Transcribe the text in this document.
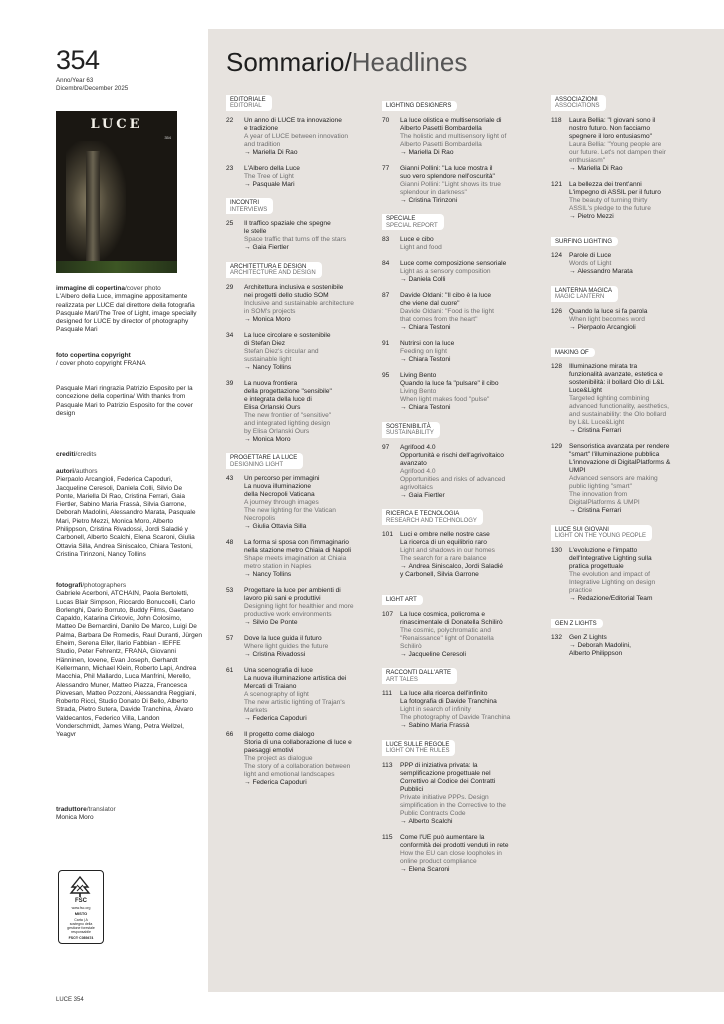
354
Anno/Year 63
Dicembre/December 2025
LUCE
354
immagine di copertina/cover photo
L'Albero della Luce, immagine appositamente realizzata per LUCE dal direttore della fotografia Pasquale Mari/The Tree of Light, image specially designed for LUCE by director of photography Pasquale Mari
foto copertina copyright
/ cover photo copyright FRANA
Pasquale Mari ringrazia Patrizio Esposito per la concezione della copertina/ With thanks from Pasquale Mari to Patrizio Esposito for the cover design
crediti/credits
autori/authors
Pierpaolo Arcangioli, Federica Capoduri, Jacqueline Ceresoli, Daniela Colli, Silvio De Ponte, Mariella Di Rao, Cristina Ferrari, Gaia Fiertler, Sabino Maria Frassà, Silvia Garrone, Deborah Madolini, Alessandro Marata, Pasquale Mari, Pietro Mezzi, Monica Moro, Alberto Philippson, Cristina Rivadossi, Jordi Saladié y Carbonell, Alberto Scalchi, Elena Scaroni, Giulia Ottavia Silla, Andrea Siniscalco, Chiara Testoni, Cristina Tirinzoni, Nancy Tollins
fotografi/photographers
Gabriele Acerboni, ATCHAIN, Paola Bertoletti, Lucas Blair Simpson, Riccardo Bonuccelli, Carlo Borlenghi, Dario Borruto, Buddy Films, Gaetano Capaldo, Katarina Cirkovic, John Colosimo, Matteo De Bernardini, Danilo De Marco, Luigi De Palma, Barbara De Romedis, Raul Duranti, Jürgen Eheim, Serena Eller, Ilario Fabbian - IEFFE Studio, Peter Fehrentz, FRANA, Giovanni Hänninen, Iovene, Evan Joseph, Gerhardt Kellermann, Michael Klein, Roberto Lapi, Andrea Macchia, Phil Mallardo, Luca Manfrini, Merello, Alessandro Muner, Matteo Piazza, Francesca Piovesan, Matteo Pozzoni, Alessandra Reggiani, Roberto Ricci, Studio Donato Di Bello, Alberto Strada, Pietro Sutera, Davide Tranchina, Álvaro Valdecantos, Federico Villa, Landon Vonderschmidt, James Wang, Petra Wellzel, Yeagvr
traduttore/translator
Monica Moro
FSC
www.fsc.org
MISTO
Carta | A
sostegno della
gestione forestale
responsabile
FSC® C089474
LUCE 354
Sommario/Headlines
EDITORIALE
EDITORIAL
22	Un anno di LUCE tra innovazione
e tradizione
A year of LUCE between innovation
and tradition
→ Mariella Di Rao
23	L'Albero della Luce
The Tree of Light
→ Pasquale Mari
INCONTRI
INTERVIEWS
25	Il traffico spaziale che spegne
le stelle
Space traffic that turns off the stars
→ Gaia Fiertler
ARCHITETTURA E DESIGN
ARCHITECTURE AND DESIGN
29	Architettura inclusiva e sostenibile
nei progetti dello studio SOM
Inclusive and sustainable architecture
in SOM's projects
→ Monica Moro
34	La luce circolare e sostenibile
di Stefan Diez
Stefan Diez's circular and
sustainable light
→ Nancy Tollins
39	La nuova frontiera
della progettazione "sensibile"
e integrata della luce di
Elisa Orlanski Ours
The new frontier of "sensitive"
and integrated lighting design
by Elisa Orlanski Ours
→ Monica Moro
PROGETTARE LA LUCE
DESIGNING LIGHT
43	Un percorso per immagini
La nuova illuminazione
della Necropoli Vaticana
A journey through images
The new lighting for the Vatican
Necropolis
→ Giulia Ottavia Silla
48	La forma si sposa con l'immaginario
nella stazione metro Chiaia di Napoli
Shape meets imagination at Chiaia
metro station in Naples
→ Nancy Tollins
53	Progettare la luce per ambienti di
lavoro più sani e produttivi
Designing light for healthier and more
productive work environments
→ Silvio De Ponte
57	Dove la luce guida il futuro
Where light guides the future
→ Cristina Rivadossi
61	Una scenografia di luce
La nuova illuminazione artistica dei
Mercati di Traiano
A scenography of light
The new artistic lighting of Trajan's
Markets
→ Federica Capoduri
66	Il progetto come dialogo
Storia di una collaborazione di luce e
paesaggi emotivi
The project as dialogue
The story of a collaboration between
light and emotional landscapes
→ Federica Capoduri
LIGHTING DESIGNERS
70	La luce olistica e multisensoriale di
Alberto Pasetti Bombardella
The holistic and multisensory light of
Alberto Pasetti Bombardella
→ Mariella Di Rao
77	Gianni Pollini: "La luce mostra il
suo vero splendore nell'oscurità"
Gianni Pollini: "Light shows its true
splendour in darkness"
→ Cristina Tirinzoni
SPECIALE
SPECIAL REPORT
83	Luce e cibo
Light and food
84	Luce come composizione sensoriale
Light as a sensory composition
→ Daniela Colli
87	Davide Oldani: "Il cibo è la luce
che viene dal cuore"
Davide Oldani: "Food is the light
that comes from the heart"
→ Chiara Testoni
91	Nutrirsi con la luce
Feeding on light
→ Chiara Testoni
95	Living Bento
Quando la luce fa "pulsare" il cibo
Living Bento
When light makes food "pulse"
→ Chiara Testoni
SOSTENIBILITÀ
SUSTAINABILITY
97	Agrifood 4.0
Opportunità e rischi dell'agrivoltaico
avanzato
Agrifood 4.0
Opportunities and risks of advanced
agrivoltaics
→ Gaia Fiertler
RICERCA E TECNOLOGIA
RESEARCH AND TECHNOLOGY
101	Luci e ombre nelle nostre case
La ricerca di un equilibrio raro
Light and shadows in our homes
The search for a rare balance
→ Andrea Siniscalco, Jordi Saladié
y Carbonell, Silvia Garrone
LIGHT ART
107	La luce cosmica, policroma e
rinascimentale di Donatella Schilirò
The cosmic, polychromatic and
"Renaissance" light of Donatella
Schilirò
→ Jacqueline Ceresoli
RACCONTI DALL'ARTE
ART TALES
111	La luce alla ricerca dell'infinito
La fotografia di Davide Tranchina
Light in search of infinity
The photography of Davide Tranchina
→ Sabino Maria Frassà
LUCE SULLE REGOLE
LIGHT ON THE RULES
113	PPP di iniziativa privata: la
semplificazione progettuale nel
Correttivo al Codice dei Contratti
Pubblici
Private initiative PPPs. Design
simplification in the Corrective to the
Public Contracts Code
→ Alberto Scalchi
115	Come l'UE può aumentare la
conformità dei prodotti venduti in rete
How the EU can close loopholes in
online product compliance
→ Elena Scaroni
ASSOCIAZIONI
ASSOCIATIONS
118	Laura Bellia: "I giovani sono il
nostro futuro. Non facciamo
spegnere il loro entusiasmo"
Laura Bellia: "Young people are
our future. Let's not dampen their
enthusiasm"
→ Mariella Di Rao
121	La bellezza dei trent'anni
L'impegno di ASSIL per il futuro
The beauty of turning thirty
ASSIL's pledge to the future
→ Pietro Mezzi
SURFING LIGHTING
124	Parole di Luce
Words of Light
→ Alessandro Marata
LANTERNA MAGICA
MAGIC LANTERN
126	Quando la luce si fa parola
When light becomes word
→ Pierpaolo Arcangioli
MAKING OF
128	Illuminazione mirata tra
funzionalità avanzate, estetica e
sostenibilità: il bollard Olo di L&L
Luce&Light
Targeted lighting combining
advanced functionality, aesthetics,
and sustainability: the Olo bollard
by L&L Luce&Light
→ Cristina Ferrari
129	Sensoristica avanzata per rendere
"smart" l'illuminazione pubblica
L'innovazione di DigitalPlatforms &
UMPI
Advanced sensors are making
public lighting "smart"
The innovation from
DigitalPlatforms & UMPI
→ Cristina Ferrari
LUCE SUI GIOVANI
LIGHT ON THE YOUNG PEOPLE
130	L'evoluzione e l'impatto
dell'Integrative Lighting sulla
pratica progettuale
The evolution and impact of
Integrative Lighting on design
practice
→ Redazione/Editorial Team
GEN Z LIGHTS
132	Gen Z Lights
→ Deborah Madolini,
Alberto Philippson
